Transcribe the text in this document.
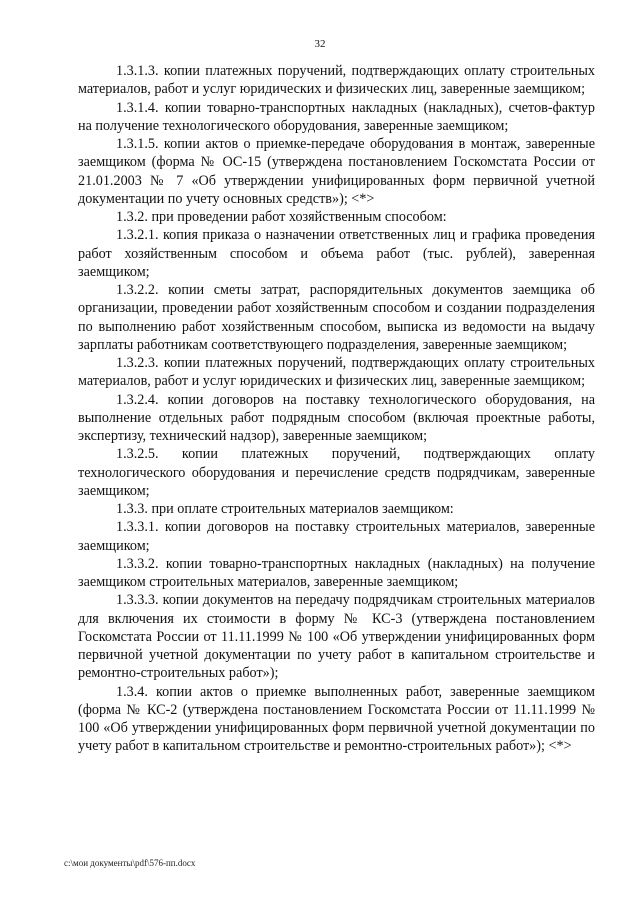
32

1.3.1.3. копии платежных поручений, подтверждающих оплату строительных материалов, работ и услуг юридических и физических лиц, заверенные заемщиком;

1.3.1.4. копии товарно-транспортных накладных (накладных), счетов-фактур на получение технологического оборудования, заверенные заемщиком;

1.3.1.5. копии актов о приемке-передаче оборудования в монтаж, заверенные заемщиком (форма № ОС-15 (утверждена постановлением Госкомстата России от 21.01.2003 № 7 «Об утверждении унифицированных форм первичной учетной документации по учету основных средств»); <*>

1.3.2. при проведении работ хозяйственным способом:

1.3.2.1. копия приказа о назначении ответственных лиц и графика проведения работ хозяйственным способом и объема работ (тыс. рублей), заверенная заемщиком;

1.3.2.2. копии сметы затрат, распорядительных документов заемщика об организации, проведении работ хозяйственным способом и создании подразделения по выполнению работ хозяйственным способом, выписка из ведомости на выдачу зарплаты работникам соответствующего подразделения, заверенные заемщиком;

1.3.2.3. копии платежных поручений, подтверждающих оплату строительных материалов, работ и услуг юридических и физических лиц, заверенные заемщиком;

1.3.2.4. копии договоров на поставку технологического оборудования, на выполнение отдельных работ подрядным способом (включая проектные работы, экспертизу, технический надзор), заверенные заемщиком;

1.3.2.5. копии платежных поручений, подтверждающих оплату технологического оборудования и перечисление средств подрядчикам, заверенные заемщиком;

1.3.3. при оплате строительных материалов заемщиком:

1.3.3.1. копии договоров на поставку строительных материалов, заверенные заемщиком;

1.3.3.2. копии товарно-транспортных накладных (накладных) на получение заемщиком строительных материалов, заверенные заемщиком;

1.3.3.3. копии документов на передачу подрядчикам строительных материалов для включения их стоимости в форму № КС-3 (утверждена постановлением Госкомстата России от 11.11.1999 № 100 «Об утверждении унифицированных форм первичной учетной документации по учету работ в капитальном строительстве и ремонтно-строительных работ»);

1.3.4. копии актов о приемке выполненных работ, заверенные заемщиком (форма № КС-2 (утверждена постановлением Госкомстата России от 11.11.1999 № 100 «Об утверждении унифицированных форм первичной учетной документации по учету работ в капитальном строительстве и ремонтно-строительных работ»); <*>

c:\мои документы\pdf\576-пп.docx
